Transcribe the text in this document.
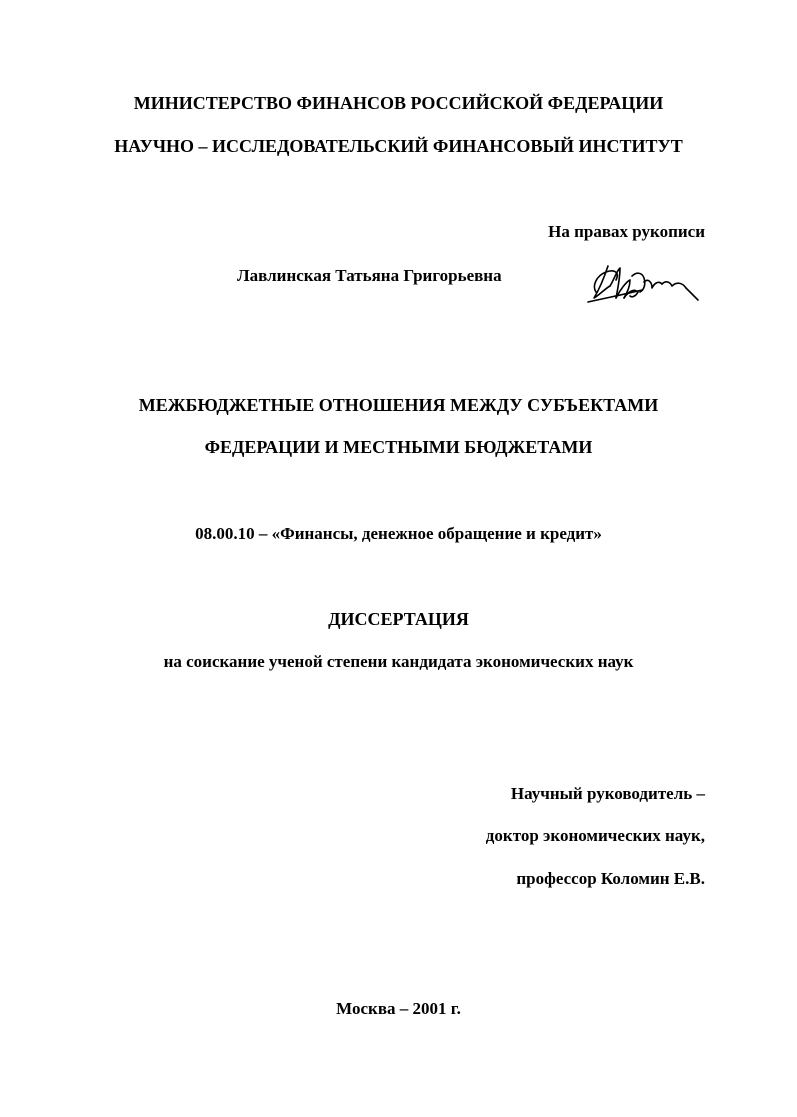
МИНИСТЕРСТВО ФИНАНСОВ РОССИЙСКОЙ ФЕДЕРАЦИИ
НАУЧНО – ИССЛЕДОВАТЕЛЬСКИЙ ФИНАНСОВЫЙ ИНСТИТУТ
На правах рукописи
Лавлинская Татьяна Григорьевна
МЕЖБЮДЖЕТНЫЕ ОТНОШЕНИЯ МЕЖДУ СУБЪЕКТАМИ
ФЕДЕРАЦИИ И МЕСТНЫМИ БЮДЖЕТАМИ
08.00.10 – «Финансы, денежное обращение и кредит»
ДИССЕРТАЦИЯ
на соискание ученой степени кандидата экономических наук
Научный руководитель –
доктор экономических наук,
профессор Коломин Е.В.
Москва – 2001 г.
